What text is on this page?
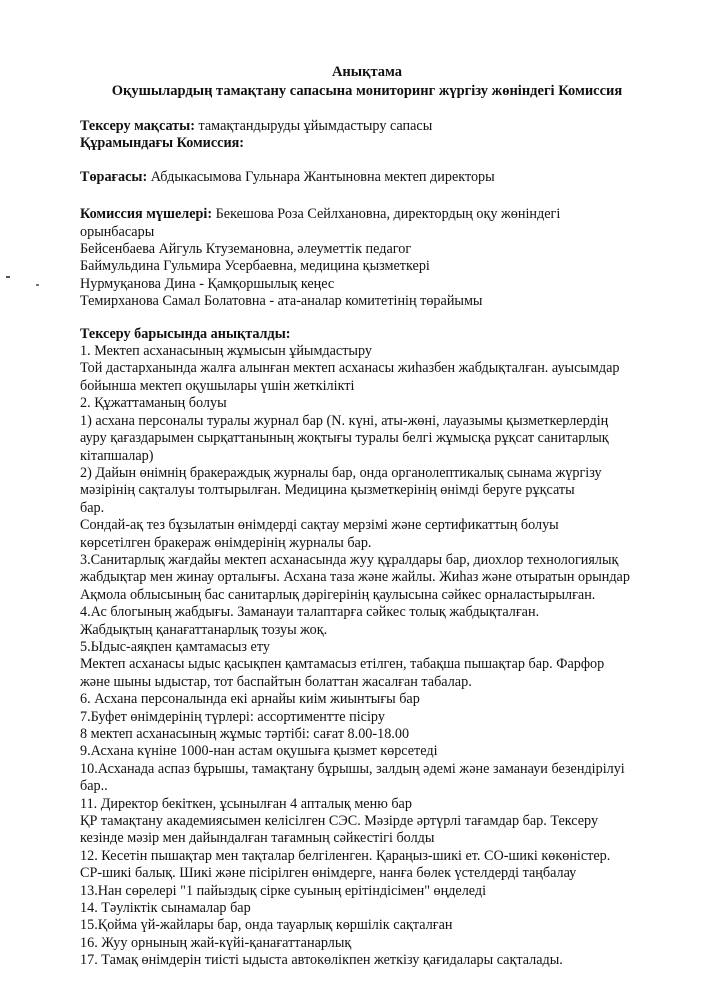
Анықтама
Оқушылардың тамақтану сапасына мониторинг жүргізу жөніндегі Комиссия
Тексеру мақсаты: тамақтандыруды ұйымдастыру сапасы
Құрамындағы Комиссия:
Төрағасы: Абдыкасымова Гульнара Жантыновна мектеп директоры
Комиссия мүшелері: Бекешова Роза Сейлхановна, директордың оқу жөніндегі
орынбасары
Бейсенбаева Айгуль Ктуземановна, әлеуметтік педагог
Баймульдина Гульмира Усербаевна, медицина қызметкері
Нурмуқанова Дина - Қамқоршылық кеңес
Темирханова Самал Болатовна - ата-аналар комитетінің төрайымы
Тексеру барысында анықталды:
1. Мектеп асханасының жұмысын ұйымдастыру
Той дастарханында жалға алынған мектеп асханасы жиһазбен жабдықталған. ауысымдар
бойынша мектеп оқушылары үшін жеткілікті
2. Құжаттаманың болуы
1) асхана персоналы туралы журнал бар (N. күні, аты-жөні, лауазымы қызметкерлердің
ауру қағаздарымен сырқаттанының жоқтығы туралы белгі жұмысқа рұқсат санитарлық
кітапшалар)
2) Дайын өнімнің бракераждық журналы бар, онда органолептикалық сынама жүргізу
мәзірінің сақталуы толтырылған. Медицина қызметкерінің өнімді беруге рұқсаты
бар.
Сондай-ақ тез бұзылатын өнімдерді сақтау мерзімі және сертификаттың болуы
көрсетілген бракераж өнімдерінің журналы бар.
3.Санитарлық жағдайы мектеп асханасында жуу құралдары бар, диохлор технологиялық
жабдықтар мен жинау орталығы. Асхана таза және жайлы. Жиһаз және отыратын орындар
Ақмола облысының бас санитарлық дәрігерінің қаулысына сәйкес орналастырылған.
4.Ас блогының жабдығы. Заманауи талаптарға сәйкес толық жабдықталған.
Жабдықтың қанағаттанарлық тозуы жоқ.
5.Ыдыс-аяқпен қамтамасыз ету
Мектеп асханасы ыдыс қасықпен қамтамасыз етілген, табақша пышақтар бар. Фарфор
және шыны ыдыстар, тот баспайтын болаттан жасалған табалар.
6. Асхана персоналында екі арнайы киім жиынтығы бар
7.Буфет өнімдерінің түрлері: ассортиментте пісіру
8 мектеп асханасының жұмыс тәртібі: сағат 8.00-18.00
9.Асхана күніне 1000-нан астам оқушыға қызмет көрсетеді
10.Асханада аспаз бұрышы, тамақтану бұрышы, залдың әдемі және заманауи безендірілуі
бар..
11. Директор бекіткен, ұсынылған 4 апталық меню бар
ҚР тамақтану академиясымен келісілген СЭС. Мәзірде әртүрлі тағамдар бар. Тексеру
кезінде мәзір мен дайындалған тағамның сәйкестігі болды
12. Кесетін пышақтар мен тақталар белгіленген. Қараңыз-шикі ет. СО-шикі көкөністер.
СР-шикі балық. Шикі және пісірілген өнімдерге, нанға бөлек үстелдерді таңбалау
13.Нан сөрелері "1 пайыздық сірке суының ерітіндісімен" өңделеді
14. Тәуліктік сынамалар бар
15.Қойма үй-жайлары бар, онда тауарлық көршілік сақталған
16. Жуу орнының жай-күйі-қанағаттанарлық
17. Тамақ өнімдерін тиісті ыдыста автокөлікпен жеткізу қағидалары сақталады.
